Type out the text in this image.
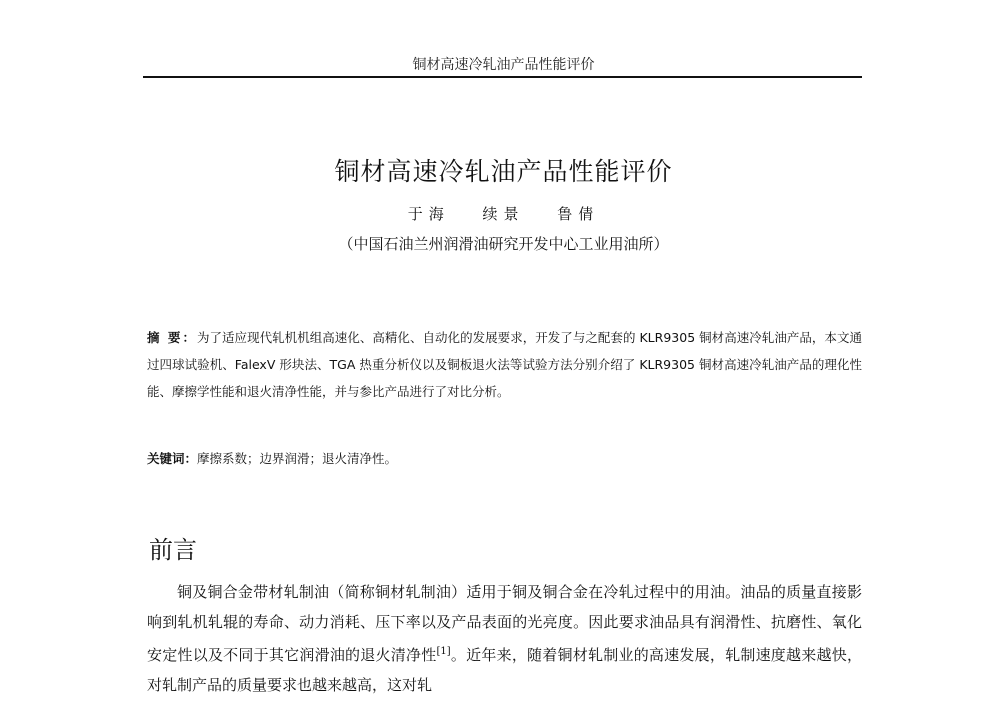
铜材高速冷轧油产品性能评价
铜材高速冷轧油产品性能评价
于海 续景 鲁倩
（中国石油兰州润滑油研究开发中心工业用油所）

摘 要：为了适应现代轧机机组高速化、高精化、自动化的发展要求，开发了与之配套的 KLR9305 铜材高速冷轧油产品，本文通过四球试验机、FalexV 形块法、TGA 热重分析仪以及铜板退火法等试验方法分别介绍了 KLR9305 铜材高速冷轧油产品的理化性能、摩擦学性能和退火清净性能，并与参比产品进行了对比分析。

关键词：摩擦系数；边界润滑；退火清净性。

前言

铜及铜合金带材轧制油（简称铜材轧制油）适用于铜及铜合金在冷轧过程中的用油。油品的质量直接影响到轧机轧辊的寿命、动力消耗、压下率以及产品表面的光亮度。因此要求油品具有润滑性、抗磨性、氧化安定性以及不同于其它润滑油的退火清净性[1]。近年来，随着铜材轧制业的高速发展，轧制速度越来越快，对轧制产品的质量要求也越来越高，这对轧
